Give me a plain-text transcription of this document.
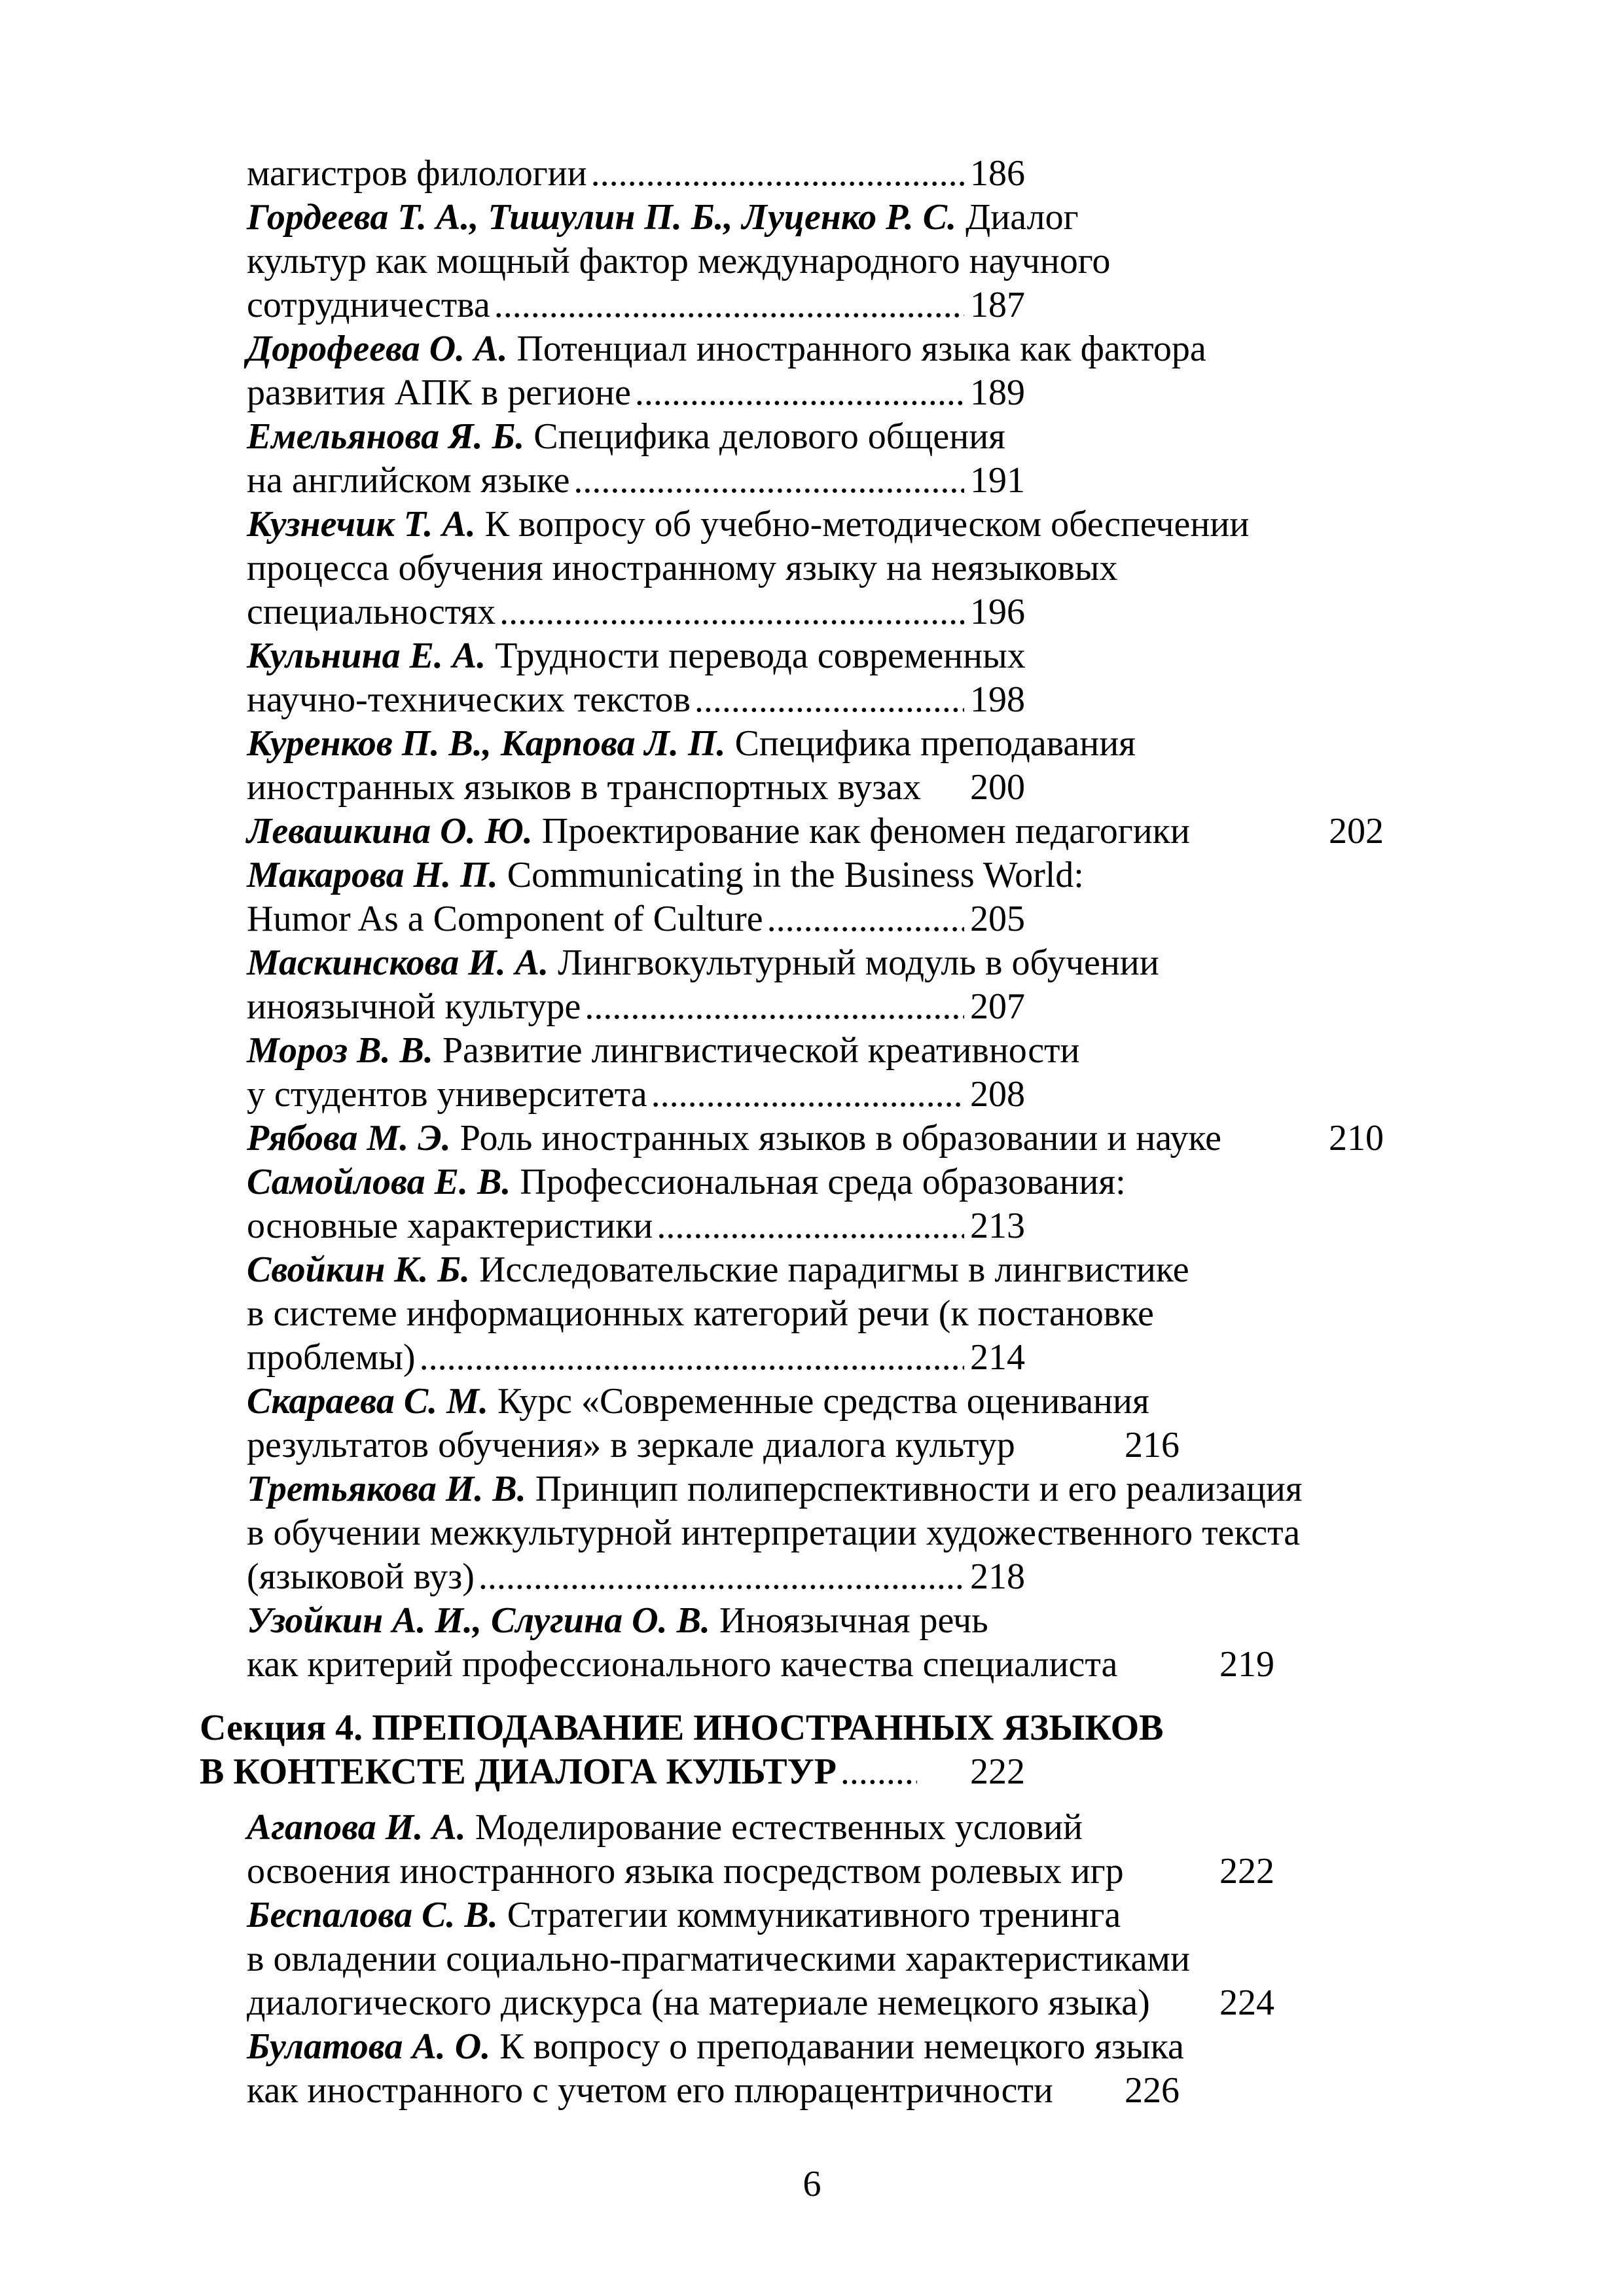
магистров филологии .....	186
Гордеева Т. А., Тишулин П. Б., Луценко Р. С. Диалог
культур как мощный фактор международного научного
сотрудничества .....	187
Дорофеева О. А. Потенциал иностранного языка как фактора
развития АПК в регионе .....	189
Емельянова Я. Б. Специфика делового общения
на английском языке .....	191
Кузнечик Т. А. К вопросу об учебно-методическом обеспечении
процесса обучения иностранному языку на неязыковых
специальностях .....	196
Кульнина Е. А. Трудности перевода современных
научно-технических текстов .....	198
Куренков П. В., Карпова Л. П. Специфика преподавания
иностранных языков в транспортных вузах 200
Левашкина О. Ю. Проектирование как феномен педагогики	202
Макарова Н. П. Communicating in the Business World:
Humor As a Component of Culture .....	205
Маскинскова И. А. Лингвокультурный модуль в обучении
иноязычной культуре .....	207
Мороз В. В. Развитие лингвистической креативности
у студентов университета .....	208
Рябова М. Э. Роль иностранных языков в образовании и науке	210
Самойлова Е. В. Профессиональная среда образования:
основные характеристики .....	213
Свойкин К. Б. Исследовательские парадигмы в лингвистике
в системе информационных категорий речи (к постановке
проблемы) .....	214
Скараева С. М. Курс «Современные средства оценивания
результатов обучения» в зеркале диалога культур	216
Третьякова И. В. Принцип полиперспективности и его реализация
в обучении межкультурной интерпретации художественного текста
(языковой вуз) .....	218
Узойкин А. И., Слугина О. В. Иноязычная речь
как критерий профессионального качества специалиста	219
Секция 4. ПРЕПОДАВАНИЕ ИНОСТРАННЫХ ЯЗЫКОВ
В КОНТЕКСТЕ ДИАЛОГА КУЛЬТУР .....	222
Агапова И. А. Моделирование естественных условий
освоения иностранного языка посредством ролевых игр	222
Беспалова С. В. Стратегии коммуникативного тренинга
в овладении социально-прагматическими характеристиками
диалогического дискурса (на материале немецкого языка) 224
Булатова А. О. К вопросу о преподавании немецкого языка
как иностранного с учетом его плюрацентричности 226
6
